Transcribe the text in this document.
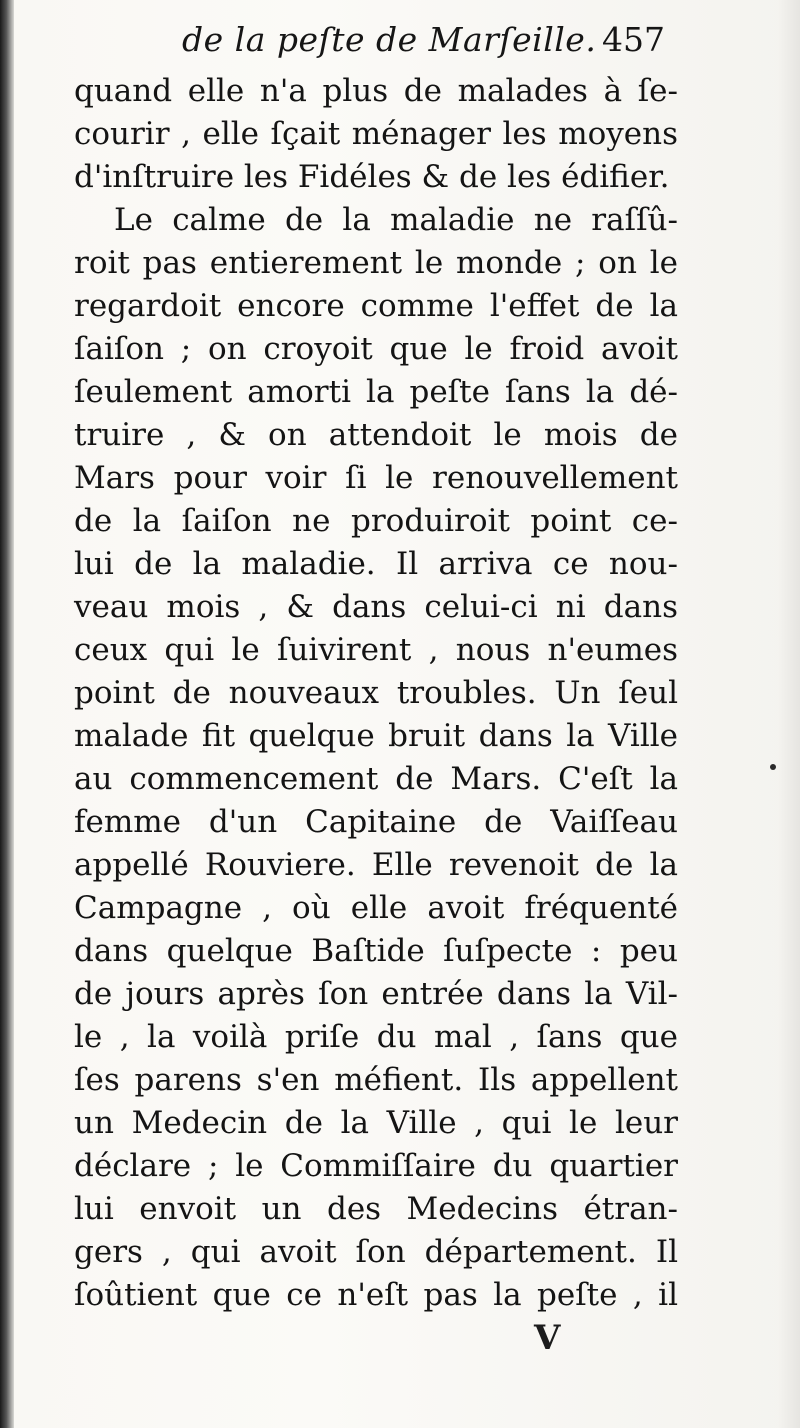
de la peſte de Marſeille. 457
quand elle n'a plus de malades à ſe-
courir , elle ſçait ménager les moyens
d'inſtruire les Fidéles & de les édifier.
Le calme de la maladie ne raſſû-
roit pas entierement le monde ; on le
regardoit encore comme l'effet de la
ſaiſon ; on croyoit que le froid avoit
ſeulement amorti la peſte ſans la dé-
truire , & on attendoit le mois de
Mars pour voir ſi le renouvellement
de la ſaiſon ne produiroit point ce-
lui de la maladie. Il arriva ce nou-
veau mois , & dans celui-ci ni dans
ceux qui le ſuivirent , nous n'eumes
point de nouveaux troubles. Un ſeul
malade fit quelque bruit dans la Ville
au commencement de Mars. C'eſt la
femme d'un Capitaine de Vaiſſeau
appellé Rouviere. Elle revenoit de la
Campagne , où elle avoit fréquenté
dans quelque Baſtide ſuſpecte : peu
de jours après ſon entrée dans la Vil-
le , la voilà priſe du mal , ſans que
ſes parens s'en méfient. Ils appellent
un Medecin de la Ville , qui le leur
déclare ; le Commiſſaire du quartier
lui envoit un des Medecins étran-
gers , qui avoit ſon département. Il
ſoûtient que ce n'eſt pas la peſte , il
V
